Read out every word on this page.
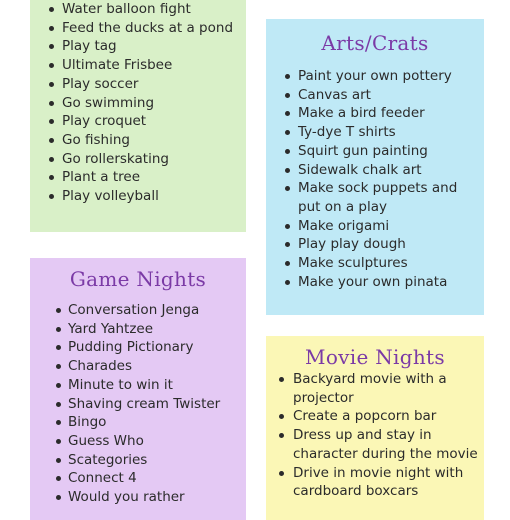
Water balloon fight
Feed the ducks at a pond
Play tag
Ultimate Frisbee
Play soccer
Go swimming
Play croquet
Go fishing
Go rollerskating
Plant a tree
Play volleyball
Arts/Crats
Paint your own pottery
Canvas art
Make a bird feeder
Ty-dye T shirts
Squirt gun painting
Sidewalk chalk art
Make sock puppets and put on a play
Make origami
Play play dough
Make sculptures
Make your own pinata
Game Nights
Conversation Jenga
Yard Yahtzee
Pudding Pictionary
Charades
Minute to win it
Shaving cream Twister
Bingo
Guess Who
Scategories
Connect 4
Would you rather
Movie Nights
Backyard movie with a projector
Create a popcorn bar
Dress up and stay in character during the movie
Drive in movie night with cardboard boxcars
